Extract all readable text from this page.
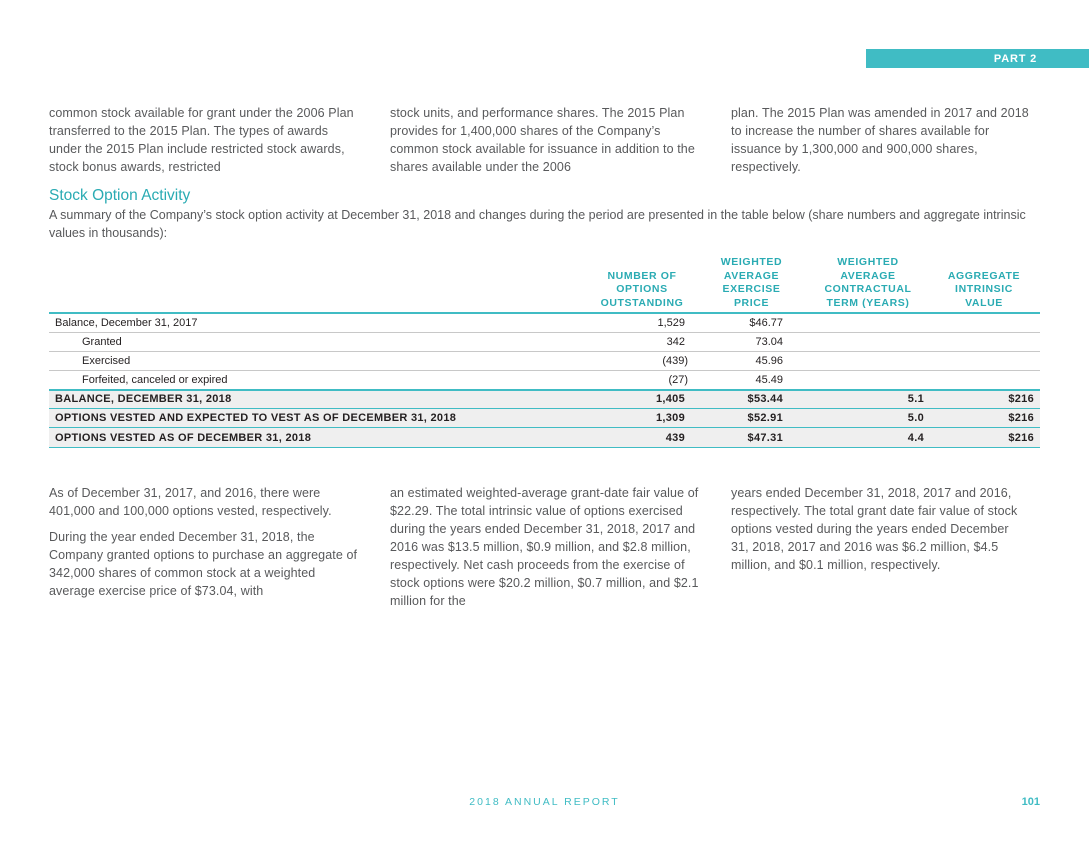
PART 2
common stock available for grant under the 2006 Plan transferred to the 2015 Plan. The types of awards under the 2015 Plan include restricted stock awards, stock bonus awards, restricted
stock units, and performance shares. The 2015 Plan provides for 1,400,000 shares of the Company’s common stock available for issuance in addition to the shares available under the 2006
plan. The 2015 Plan was amended in 2017 and 2018 to increase the number of shares available for issuance by 1,300,000 and 900,000 shares, respectively.
Stock Option Activity
A summary of the Company’s stock option activity at December 31, 2018 and changes during the period are presented in the table below (share numbers and aggregate intrinsic values in thousands):

	NUMBER OF OPTIONS OUTSTANDING	WEIGHTED AVERAGE EXERCISE PRICE	WEIGHTED AVERAGE CONTRACTUAL TERM (YEARS)	AGGREGATE INTRINSIC VALUE

Balance, December 31, 2017	1,529	$46.77		
Granted	342	73.04		
Exercised	(439)	45.96		
Forfeited, canceled or expired	(27)	45.49		
BALANCE, DECEMBER 31, 2018	1,405	$53.44	5.1	$216
OPTIONS VESTED AND EXPECTED TO VEST AS OF DECEMBER 31, 2018	1,309	$52.91	5.0	$216
OPTIONS VESTED AS OF DECEMBER 31, 2018	439	$47.31	4.4	$216

As of December 31, 2017, and 2016, there were 401,000 and 100,000 options vested, respectively.

During the year ended December 31, 2018, the Company granted options to purchase an aggregate of 342,000 shares of common stock at a weighted average exercise price of $73.04, with

an estimated weighted-average grant-date fair value of $22.29. The total intrinsic value of options exercised during the years ended December 31, 2018, 2017 and 2016 was $13.5 million, $0.9 million, and $2.8 million, respectively. Net cash proceeds from the exercise of stock options were $20.2 million, $0.7 million, and $2.1 million for the
years ended December 31, 2018, 2017 and 2016, respectively. The total grant date fair value of stock options vested during the years ended December 31, 2018, 2017 and 2016 was $6.2 million, $4.5 million, and $0.1 million, respectively.
2018 ANNUAL REPORT	101
